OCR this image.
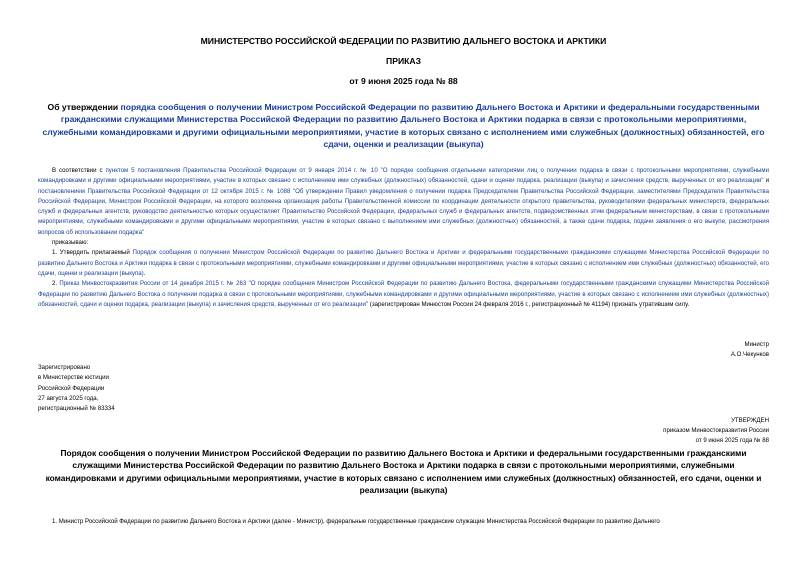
МИНИСТЕРСТВО РОССИЙСКОЙ ФЕДЕРАЦИИ ПО РАЗВИТИЮ ДАЛЬНЕГО ВОСТОКА И АРКТИКИ
ПРИКАЗ
от 9 июня 2025 года № 88
Об утверждении порядка сообщения о получении Министром Российской Федерации по развитию Дальнего Востока и Арктики и федеральными государственными гражданскими служащими Министерства Российской Федерации по развитию Дальнего Востока и Арктики подарка в связи с протокольными мероприятиями, служебными командировками и другими официальными мероприятиями, участие в которых связано с исполнением ими служебных (должностных) обязанностей, его сдачи, оценки и реализации (выкупа)

В соответствии с пунктом 5 постановления Правительства Российской Федерации от 9 января 2014 г. № 10 "О порядке сообщения отдельными категориями лиц о получении подарка в связи с протокольными мероприятиями, служебными командировками и другими официальными мероприятиями, участие в которых связано с исполнением ими служебных (должностных) обязанностей, сдачи и оценки подарка, реализации (выкупа) и зачисления средств, вырученных от его реализации" и постановлением Правительства Российской Федерации от 12 октября 2015 г. № 1088 "Об утверждении Правил уведомления о получении подарка Председателем Правительства Российской Федерации, заместителями Председателя Правительства Российской Федерации, Министром Российской Федерации, на которого возложена организация работы Правительственной комиссии по координации деятельности открытого правительства, руководителями федеральных министерств, федеральных служб и федеральных агентств, руководство деятельностью которых осуществляет Правительство Российской Федерации, федеральных служб и федеральных агентств, подведомственных этим федеральным министерствам, в связи с протокольными мероприятиями, служебными командировками и другими официальными мероприятиями, участие в которых связано с выполнением ими служебных (должностных) обязанностей, а также сдачи подарка, подачи заявления о его выкупе, рассмотрения вопросов об использовании подарка"

приказываю:

1. Утвердить прилагаемый Порядок сообщения о получении Министром Российской Федерации по развитию Дальнего Востока и Арктики и федеральными государственными гражданскими служащими Министерства Российской Федерации по развитию Дальнего Востока и Арктики подарка в связи с протокольными мероприятиями, служебными командировками и другими официальными мероприятиями, участие в которых связано с исполнением ими служебных (должностных) обязанностей, его сдачи, оценки и реализации (выкупа).

2. Приказ Минвостокразвития России от 14 декабря 2015 г. № 263 "О порядке сообщения Министром Российской Федерации по развитию Дальнего Востока, федеральными государственными гражданскими служащими Министерства Российской Федерации по развитию Дальнего Востока о получении подарка в связи с протокольными мероприятиями, служебными командировками и другими официальными мероприятиями, участие в которых связано с исполнением ими служебных (должностных) обязанностей, сдачи и оценки подарка, реализации (выкупа) и зачисления средств, вырученных от его реализации" (зарегистрирован Минюстом России 24 февраля 2016 г., регистрационный № 41194) признать утратившим силу.

Министр
А.О.Чекунков
Зарегистрировано
в Министерстве юстиции
Российской Федерации
27 августа 2025 года,
регистрационный № 83334
УТВЕРЖДЕН
приказом Минвостокразвития России
от 9 июня 2025 года № 88
Порядок сообщения о получении Министром Российской Федерации по развитию Дальнего Востока и Арктики и федеральными государственными гражданскими служащими Министерства Российской Федерации по развитию Дальнего Востока и Арктики подарка в связи с протокольными мероприятиями, служебными командировками и другими официальными мероприятиями, участие в которых связано с исполнением ими служебных (должностных) обязанностей, его сдачи, оценки и реализации (выкупа)
1. Министр Российской Федерации по развитию Дальнего Востока и Арктики (далее - Министр), федеральные государственные гражданские служащие Министерства Российской Федерации по развитию Дальнего
